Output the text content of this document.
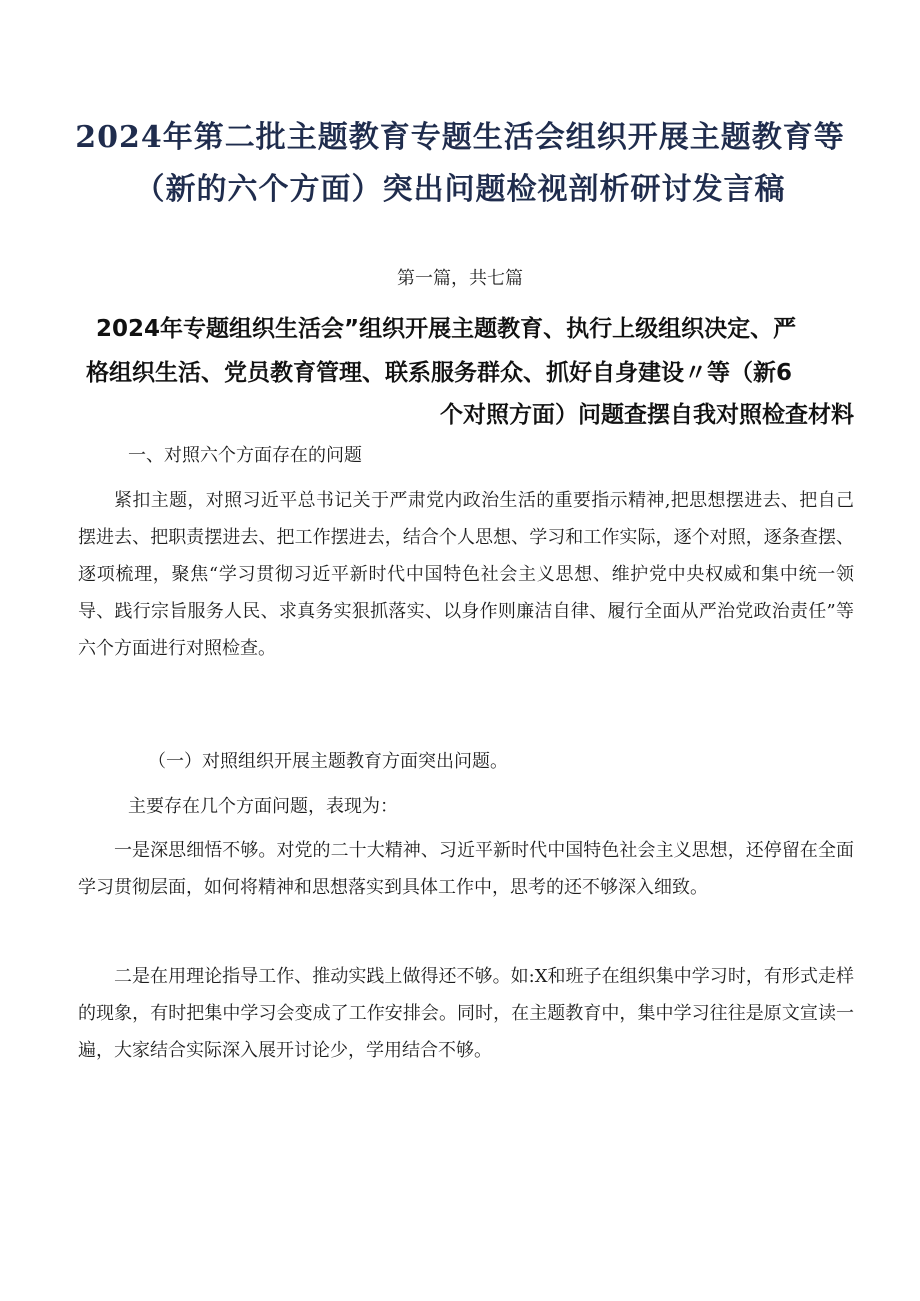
2024年第二批主题教育专题生活会组织开展主题教育等
（新的六个方面）突出问题检视剖析研讨发言稿

第一篇，共七篇

2024年专题组织生活会”组织开展主题教育、执行上级组织决定、严
格组织生活、党员教育管理、联系服务群众、抓好自身建设〃等（新6
个对照方面）问题查摆自我对照检查材料

一、对照六个方面存在的问题

紧扣主题，对照习近平总书记关于严肃党内政治生活的重要指示精神,把思想摆进去、把自己摆进去、把职责摆进去、把工作摆进去，结合个人思想、学习和工作实际，逐个对照，逐条查摆、逐项梳理，聚焦“学习贯彻习近平新时代中国特色社会主义思想、维护党中央权威和集中统一领导、践行宗旨服务人民、求真务实狠抓落实、以身作则廉洁自律、履行全面从严治党政治责任”等六个方面进行对照检查。

（一）对照组织开展主题教育方面突出问题。

主要存在几个方面问题，表现为：

一是深思细悟不够。对党的二十大精神、习近平新时代中国特色社会主义思想，还停留在全面学习贯彻层面，如何将精神和思想落实到具体工作中，思考的还不够深入细致。

二是在用理论指导工作、推动实践上做得还不够。如:X和班子在组织集中学习时，有形式走样的现象，有时把集中学习会变成了工作安排会。同时，在主题教育中，集中学习往往是原文宣读一遍，大家结合实际深入展开讨论少，学用结合不够。
